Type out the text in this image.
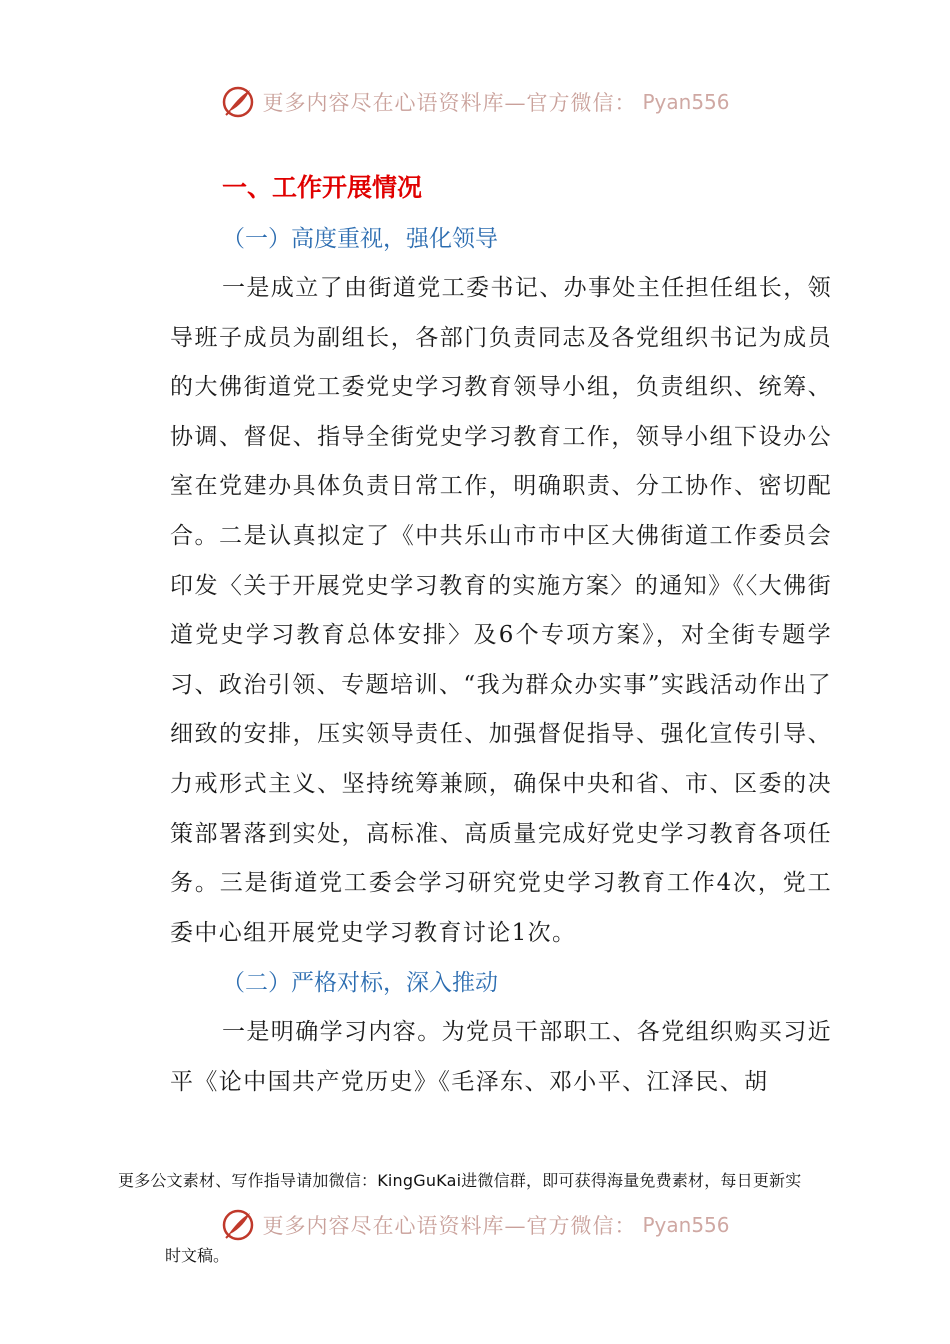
更多内容尽在心语资料库—官方微信： Pyan556
一、工作开展情况
（一）高度重视，强化领导

一是成立了由街道党工委书记、办事处主任担任组长，领导班子成员为副组长，各部门负责同志及各党组织书记为成员的大佛街道党工委党史学习教育领导小组，负责组织、统筹、协调、督促、指导全街党史学习教育工作，领导小组下设办公室在党建办具体负责日常工作，明确职责、分工协作、密切配合。二是认真拟定了《中共乐山市市中区大佛街道工作委员会印发〈关于开展党史学习教育的实施方案〉的通知》《〈大佛街道党史学习教育总体安排〉及6个专项方案》，对全街专题学习、政治引领、专题培训、“我为群众办实事”实践活动作出了细致的安排，压实领导责任、加强督促指导、强化宣传引导、力戒形式主义、坚持统筹兼顾，确保中央和省、市、区委的决策部署落到实处，高标准、高质量完成好党史学习教育各项任务。三是街道党工委会学习研究党史学习教育工作4次，党工委中心组开展党史学习教育讨论1次。

（二）严格对标，深入推动

一是明确学习内容。为党员干部职工、各党组织购买习近平《论中国共产党历史》《毛泽东、邓小平、江泽民、胡

更多公文素材、写作指导请加微信：KingGuKai进微信群，即可获得海量免费素材，每日更新实
更多内容尽在心语资料库—官方微信： Pyan556
时文稿。
